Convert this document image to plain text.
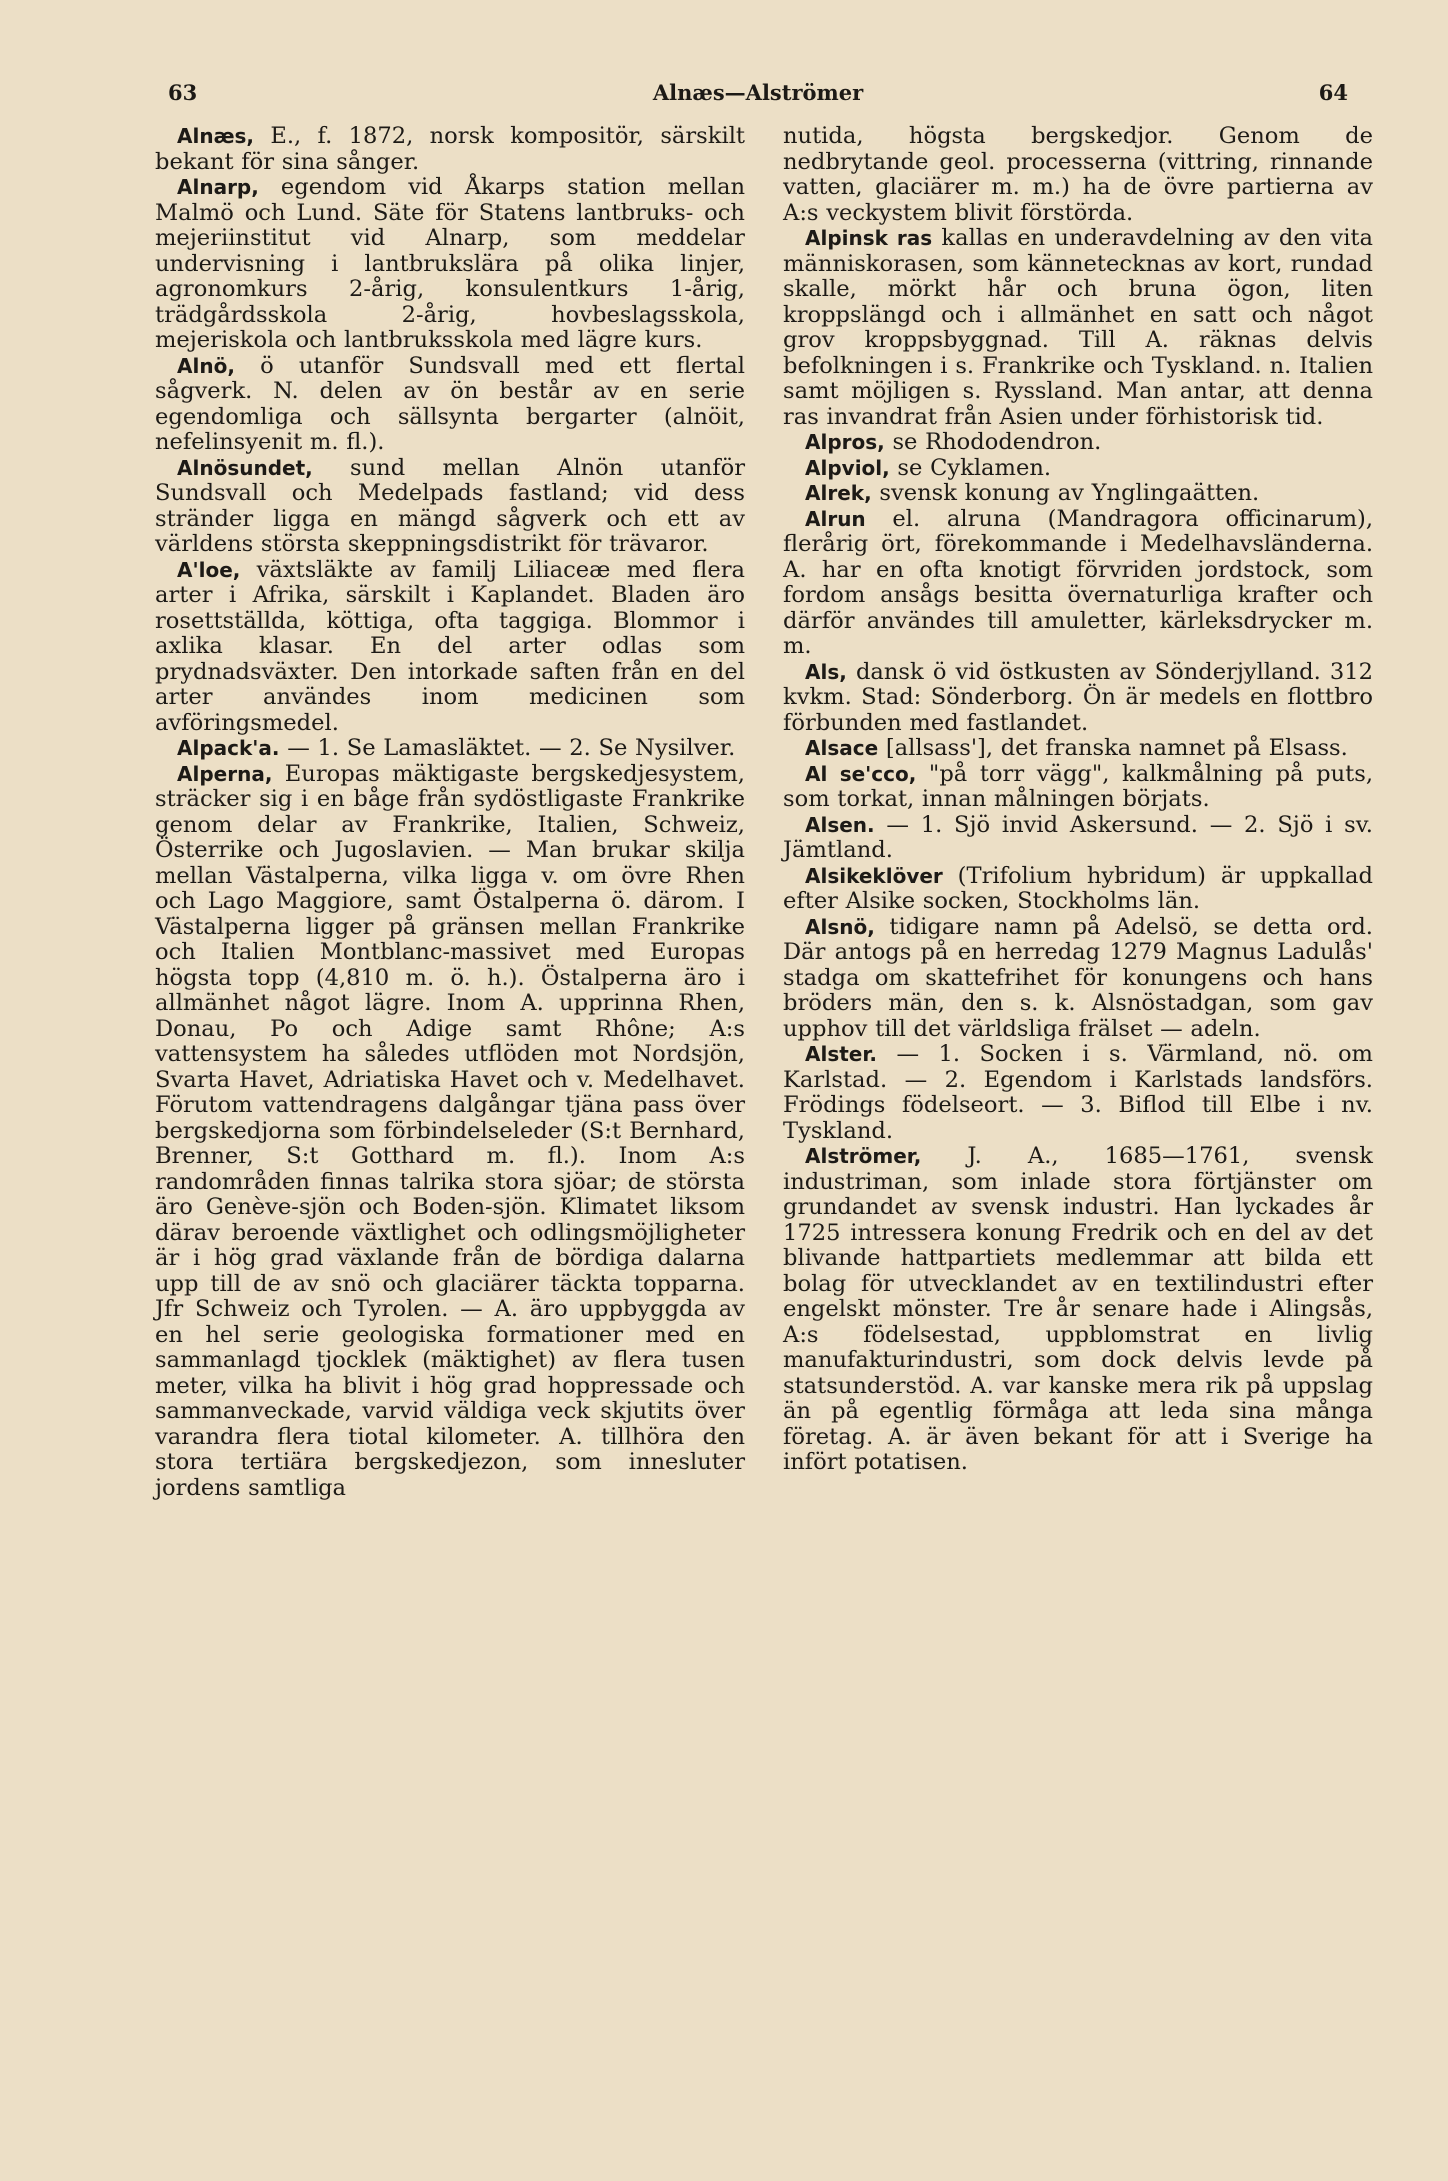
63	Alnæs—Alströmer	64

Alnæs, E., f. 1872, norsk kompositör, särskilt bekant för sina sånger.

Alnarp, egendom vid Åkarps station mellan Malmö och Lund. Säte för Statens lantbruks- och mejeriinstitut vid Alnarp, som meddelar undervisning i lantbrukslära på olika linjer, agronomkurs 2-årig, konsulentkurs 1-årig, trädgårdsskola 2-årig, hovbeslagsskola, mejeriskola och lantbruksskola med lägre kurs.

Alnö, ö utanför Sundsvall med ett flertal sågverk. N. delen av ön består av en serie egendomliga och sällsynta bergarter (alnöit, nefelinsyenit m. fl.).

Alnösundet, sund mellan Alnön utanför Sundsvall och Medelpads fastland; vid dess stränder ligga en mängd sågverk och ett av världens största skeppningsdistrikt för trävaror.

A'loe, växtsläkte av familj Liliaceæ med flera arter i Afrika, särskilt i Kaplandet. Bladen äro rosettställda, köttiga, ofta taggiga. Blommor i axlika klasar. En del arter odlas som prydnadsväxter. Den intorkade saften från en del arter användes inom medicinen som avföringsmedel.

Alpack'a. — 1. Se Lamasläktet. — 2. Se Nysilver.

Alperna, Europas mäktigaste bergskedjesystem, sträcker sig i en båge från sydöstligaste Frankrike genom delar av Frankrike, Italien, Schweiz, Österrike och Jugoslavien. — Man brukar skilja mellan Västalperna, vilka ligga v. om övre Rhen och Lago Maggiore, samt Östalperna ö. därom. I Västalperna ligger på gränsen mellan Frankrike och Italien Montblanc-massivet med Europas högsta topp (4,810 m. ö. h.). Östalperna äro i allmänhet något lägre. Inom A. upprinna Rhen, Donau, Po och Adige samt Rhône; A:s vattensystem ha således utflöden mot Nordsjön, Svarta Havet, Adriatiska Havet och v. Medelhavet. Förutom vattendragens dalgångar tjäna pass över bergskedjorna som förbindelseleder (S:t Bernhard, Brenner, S:t Gotthard m. fl.). Inom A:s randområden finnas talrika stora sjöar; de största äro Genève-sjön och Boden-sjön. Klimatet liksom därav beroende växtlighet och odlingsmöjligheter är i hög grad växlande från de bördiga dalarna upp till de av snö och glaciärer täckta topparna. Jfr Schweiz och Tyrolen. — A. äro uppbyggda av en hel serie geologiska formationer med en sammanlagd tjocklek (mäktighet) av flera tusen meter, vilka ha blivit i hög grad hoppressade och sammanveckade, varvid väldiga veck skjutits över varandra flera tiotal kilometer. A. tillhöra den stora tertiära bergskedjezon, som innesluter jordens samtliga

nutida, högsta bergskedjor. Genom de nedbrytande geol. processerna (vittring, rinnande vatten, glaciärer m. m.) ha de övre partierna av A:s veckystem blivit förstörda.

Alpinsk ras kallas en underavdelning av den vita människorasen, som kännetecknas av kort, rundad skalle, mörkt hår och bruna ögon, liten kroppslängd och i allmänhet en satt och något grov kroppsbyggnad. Till A. räknas delvis befolkningen i s. Frankrike och Tyskland. n. Italien samt möjligen s. Ryssland. Man antar, att denna ras invandrat från Asien under förhistorisk tid.

Alpros, se Rhododendron.

Alpviol, se Cyklamen.

Alrek, svensk konung av Ynglingaätten.

Alrun el. alruna (Mandragora officinarum), flerårig ört, förekommande i Medelhavsländerna. A. har en ofta knotigt förvriden jordstock, som fordom ansågs besitta övernaturliga krafter och därför användes till amuletter, kärleksdrycker m. m.

Als, dansk ö vid östkusten av Sönderjylland. 312 kvkm. Stad: Sönderborg. Ön är medels en flottbro förbunden med fastlandet.

Alsace [allsass'], det franska namnet på Elsass.

Al se'cco, "på torr vägg", kalkmålning på puts, som torkat, innan målningen börjats.

Alsen. — 1. Sjö invid Askersund. — 2. Sjö i sv. Jämtland.

Alsikeklöver (Trifolium hybridum) är uppkallad efter Alsike socken, Stockholms län.

Alsnö, tidigare namn på Adelsö, se detta ord. Där antogs på en herredag 1279 Magnus Ladulås' stadga om skattefrihet för konungens och hans bröders män, den s. k. Alsnöstadgan, som gav upphov till det världsliga frälset — adeln.

Alster. — 1. Socken i s. Värmland, nö. om Karlstad. — 2. Egendom i Karlstads landsförs. Frödings födelseort. — 3. Biflod till Elbe i nv. Tyskland.

Alströmer, J. A., 1685—1761, svensk industriman, som inlade stora förtjänster om grundandet av svensk industri. Han lyckades år 1725 intressera konung Fredrik och en del av det blivande hattpartiets medlemmar att bilda ett bolag för utvecklandet av en textilindustri efter engelskt mönster. Tre år senare hade i Alingsås, A:s födelsestad, uppblomstrat en livlig manufakturindustri, som dock delvis levde på statsunderstöd. A. var kanske mera rik på uppslag än på egentlig förmåga att leda sina många företag. A. är även bekant för att i Sverige ha infört potatisen.
